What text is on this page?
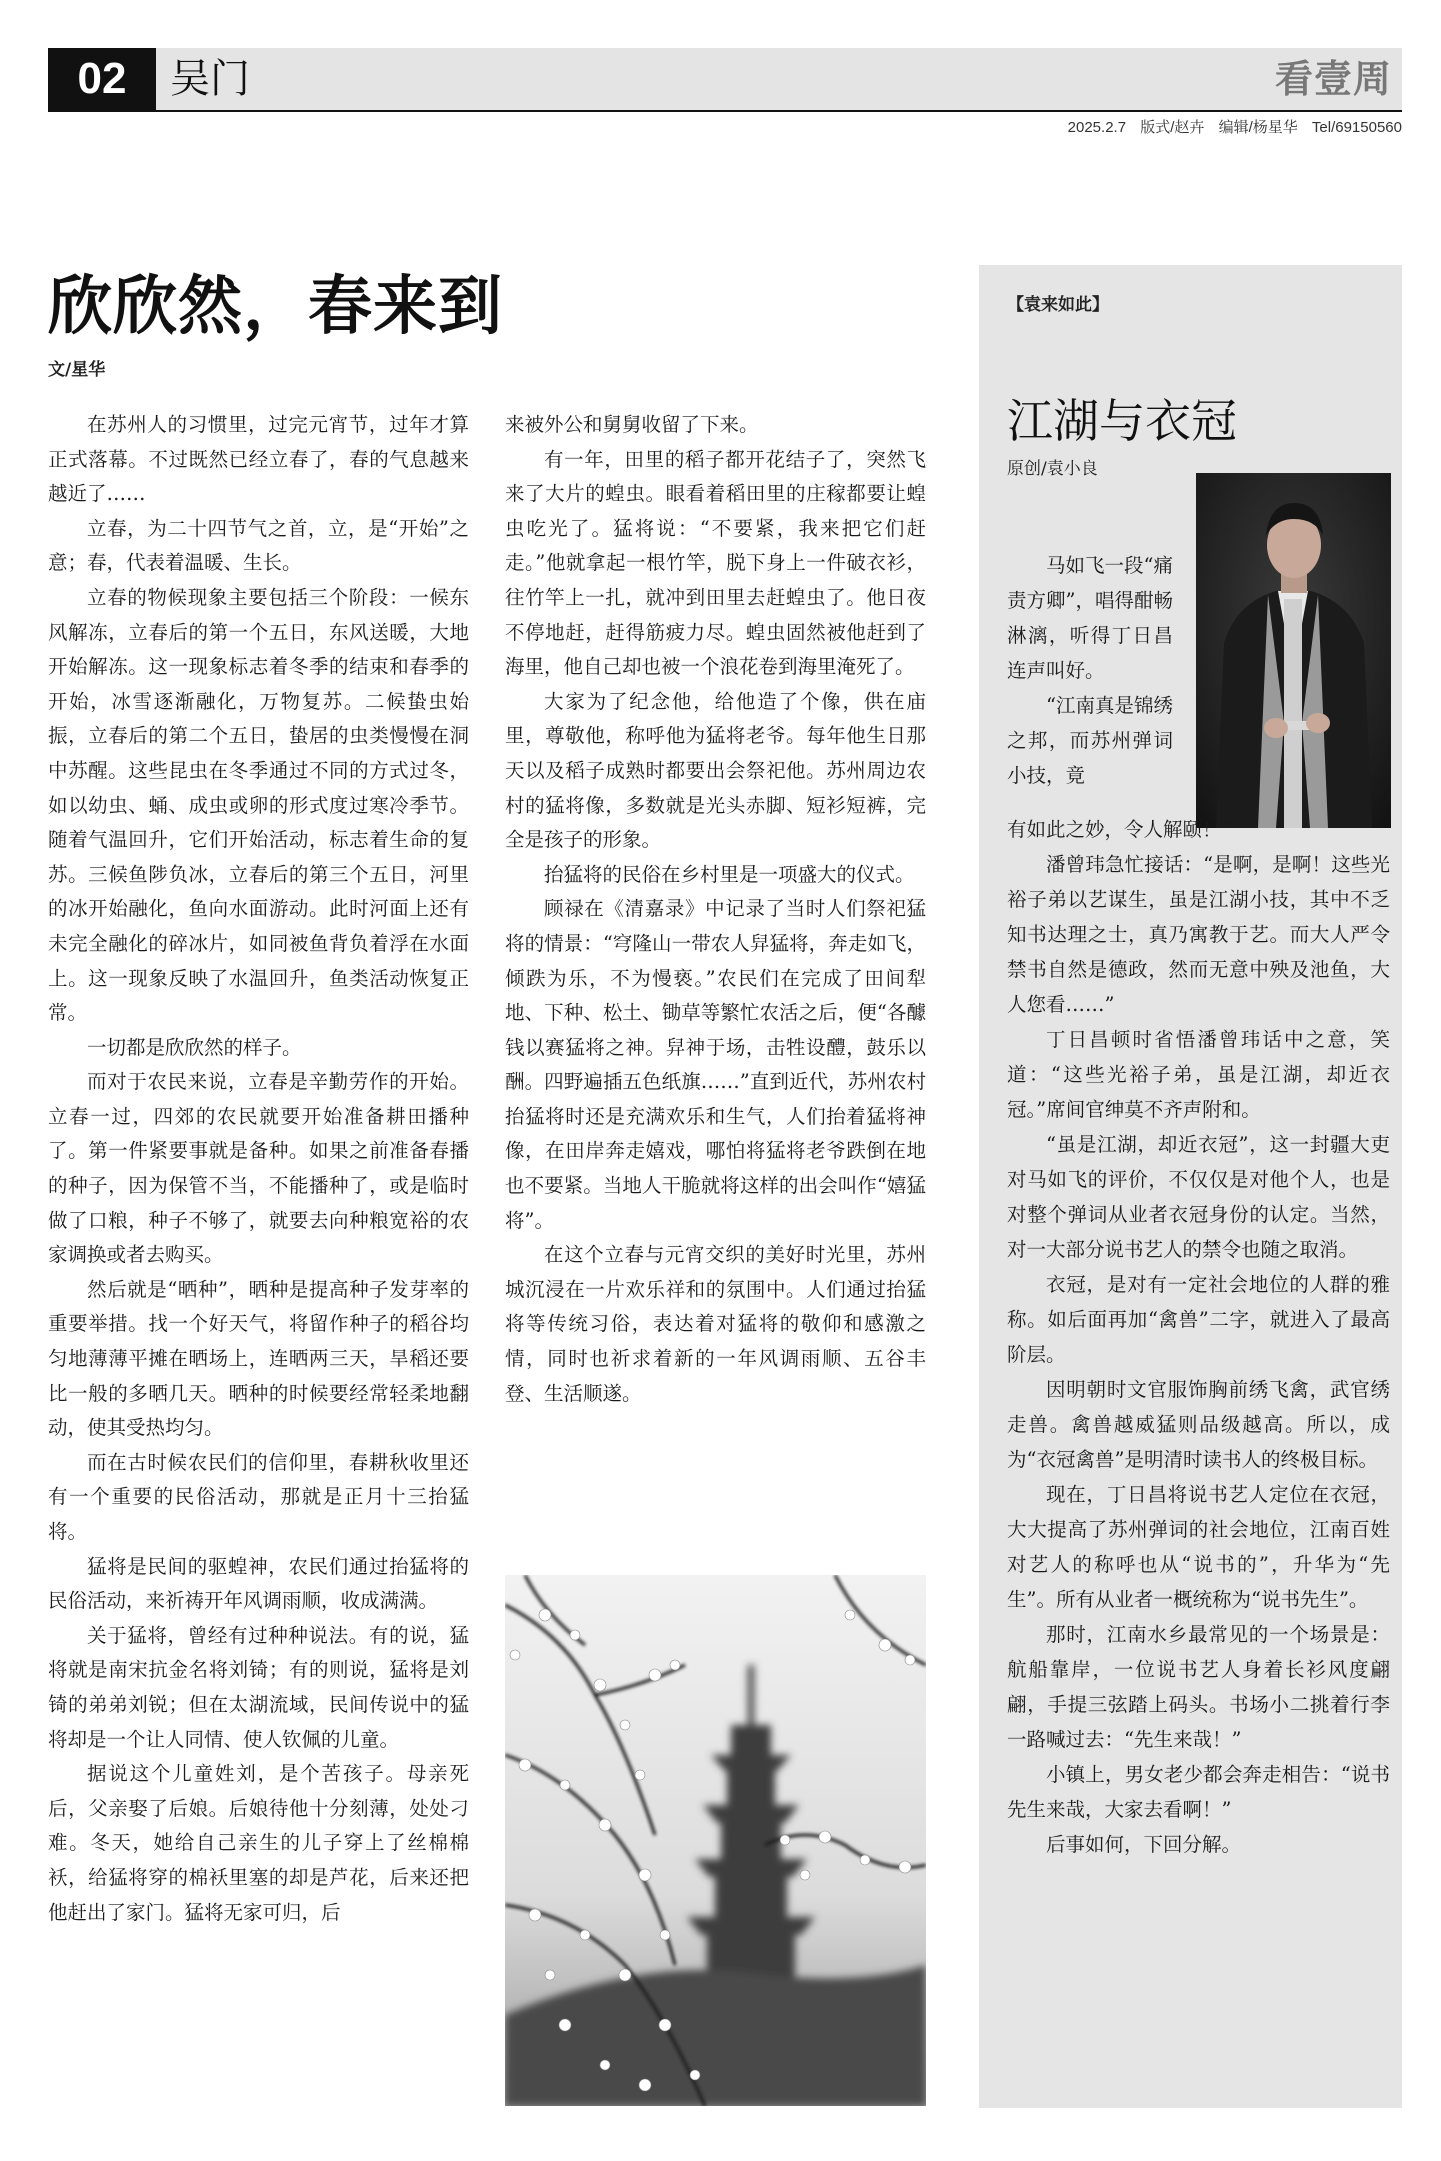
02	吴门	看壹周
2025.2.7 版式/赵卉 编辑/杨星华 Tel/69150560
欣欣然，春来到
文/星华

在苏州人的习惯里，过完元宵节，过年才算正式落幕。不过既然已经立春了，春的气息越来越近了……

立春，为二十四节气之首，立，是“开始”之意；春，代表着温暖、生长。

立春的物候现象主要包括三个阶段：一候东风解冻，立春后的第一个五日，东风送暖，大地开始解冻。这一现象标志着冬季的结束和春季的开始，冰雪逐渐融化，万物复苏。二候蛰虫始振，立春后的第二个五日，蛰居的虫类慢慢在洞中苏醒。这些昆虫在冬季通过不同的方式过冬，如以幼虫、蛹、成虫或卵的形式度过寒冷季节。随着气温回升，它们开始活动，标志着生命的复苏。三候鱼陟负冰，立春后的第三个五日，河里的冰开始融化，鱼向水面游动。此时河面上还有未完全融化的碎冰片，如同被鱼背负着浮在水面上。这一现象反映了水温回升，鱼类活动恢复正常。

一切都是欣欣然的样子。

而对于农民来说，立春是辛勤劳作的开始。立春一过，四郊的农民就要开始准备耕田播种了。第一件紧要事就是备种。如果之前准备春播的种子，因为保管不当，不能播种了，或是临时做了口粮，种子不够了，就要去向种粮宽裕的农家调换或者去购买。

然后就是“晒种”，晒种是提高种子发芽率的重要举措。找一个好天气，将留作种子的稻谷均匀地薄薄平摊在晒场上，连晒两三天，旱稻还要比一般的多晒几天。晒种的时候要经常轻柔地翻动，使其受热均匀。

而在古时候农民们的信仰里，春耕秋收里还有一个重要的民俗活动，那就是正月十三抬猛将。

猛将是民间的驱蝗神，农民们通过抬猛将的民俗活动，来祈祷开年风调雨顺，收成满满。

关于猛将，曾经有过种种说法。有的说，猛将就是南宋抗金名将刘锜；有的则说，猛将是刘锜的弟弟刘锐；但在太湖流域，民间传说中的猛将却是一个让人同情、使人钦佩的儿童。

据说这个儿童姓刘，是个苦孩子。母亲死后，父亲娶了后娘。后娘待他十分刻薄，处处刁难。冬天，她给自己亲生的儿子穿上了丝棉棉袄，给猛将穿的棉袄里塞的却是芦花，后来还把他赶出了家门。猛将无家可归，后

来被外公和舅舅收留了下来。

有一年，田里的稻子都开花结子了，突然飞来了大片的蝗虫。眼看着稻田里的庄稼都要让蝗虫吃光了。猛将说：“不要紧，我来把它们赶走。”他就拿起一根竹竿，脱下身上一件破衣衫，往竹竿上一扎，就冲到田里去赶蝗虫了。他日夜不停地赶，赶得筋疲力尽。蝗虫固然被他赶到了海里，他自己却也被一个浪花卷到海里淹死了。

大家为了纪念他，给他造了个像，供在庙里，尊敬他，称呼他为猛将老爷。每年他生日那天以及稻子成熟时都要出会祭祀他。苏州周边农村的猛将像，多数就是光头赤脚、短衫短裤，完全是孩子的形象。

抬猛将的民俗在乡村里是一项盛大的仪式。

顾禄在《清嘉录》中记录了当时人们祭祀猛将的情景：“穹隆山一带农人舁猛将，奔走如飞，倾跌为乐，不为慢亵。”农民们在完成了田间犁地、下种、松土、锄草等繁忙农活之后，便“各醵钱以赛猛将之神。舁神于场，击牲设醴，鼓乐以酬。四野遍插五色纸旗……”直到近代，苏州农村抬猛将时还是充满欢乐和生气，人们抬着猛将神像，在田岸奔走嬉戏，哪怕将猛将老爷跌倒在地也不要紧。当地人干脆就将这样的出会叫作“嬉猛将”。

在这个立春与元宵交织的美好时光里，苏州城沉浸在一片欢乐祥和的氛围中。人们通过抬猛将等传统习俗，表达着对猛将的敬仰和感激之情，同时也祈求着新的一年风调雨顺、五谷丰登、生活顺遂。

【袁来如此】
江湖与衣冠
原创/袁小良

马如飞一段“痛责方卿”，唱得酣畅淋漓，听得丁日昌连声叫好。

“江南真是锦绣之邦，而苏州弹词小技，竟

有如此之妙，令人解颐！”

潘曾玮急忙接话：“是啊，是啊！这些光裕子弟以艺谋生，虽是江湖小技，其中不乏知书达理之士，真乃寓教于艺。而大人严令禁书自然是德政，然而无意中殃及池鱼，大人您看……”

丁日昌顿时省悟潘曾玮话中之意，笑道：“这些光裕子弟，虽是江湖，却近衣冠。”席间官绅莫不齐声附和。

“虽是江湖，却近衣冠”，这一封疆大吏对马如飞的评价，不仅仅是对他个人，也是对整个弹词从业者衣冠身份的认定。当然，对一大部分说书艺人的禁令也随之取消。

衣冠，是对有一定社会地位的人群的雅称。如后面再加“禽兽”二字，就进入了最高阶层。

因明朝时文官服饰胸前绣飞禽，武官绣走兽。禽兽越威猛则品级越高。所以，成为“衣冠禽兽”是明清时读书人的终极目标。

现在，丁日昌将说书艺人定位在衣冠，大大提高了苏州弹词的社会地位，江南百姓对艺人的称呼也从“说书的”，升华为“先生”。所有从业者一概统称为“说书先生”。

那时，江南水乡最常见的一个场景是：航船靠岸，一位说书艺人身着长衫风度翩翩，手提三弦踏上码头。书场小二挑着行李一路喊过去：“先生来哉！”

小镇上，男女老少都会奔走相告：“说书先生来哉，大家去看啊！”

后事如何，下回分解。
